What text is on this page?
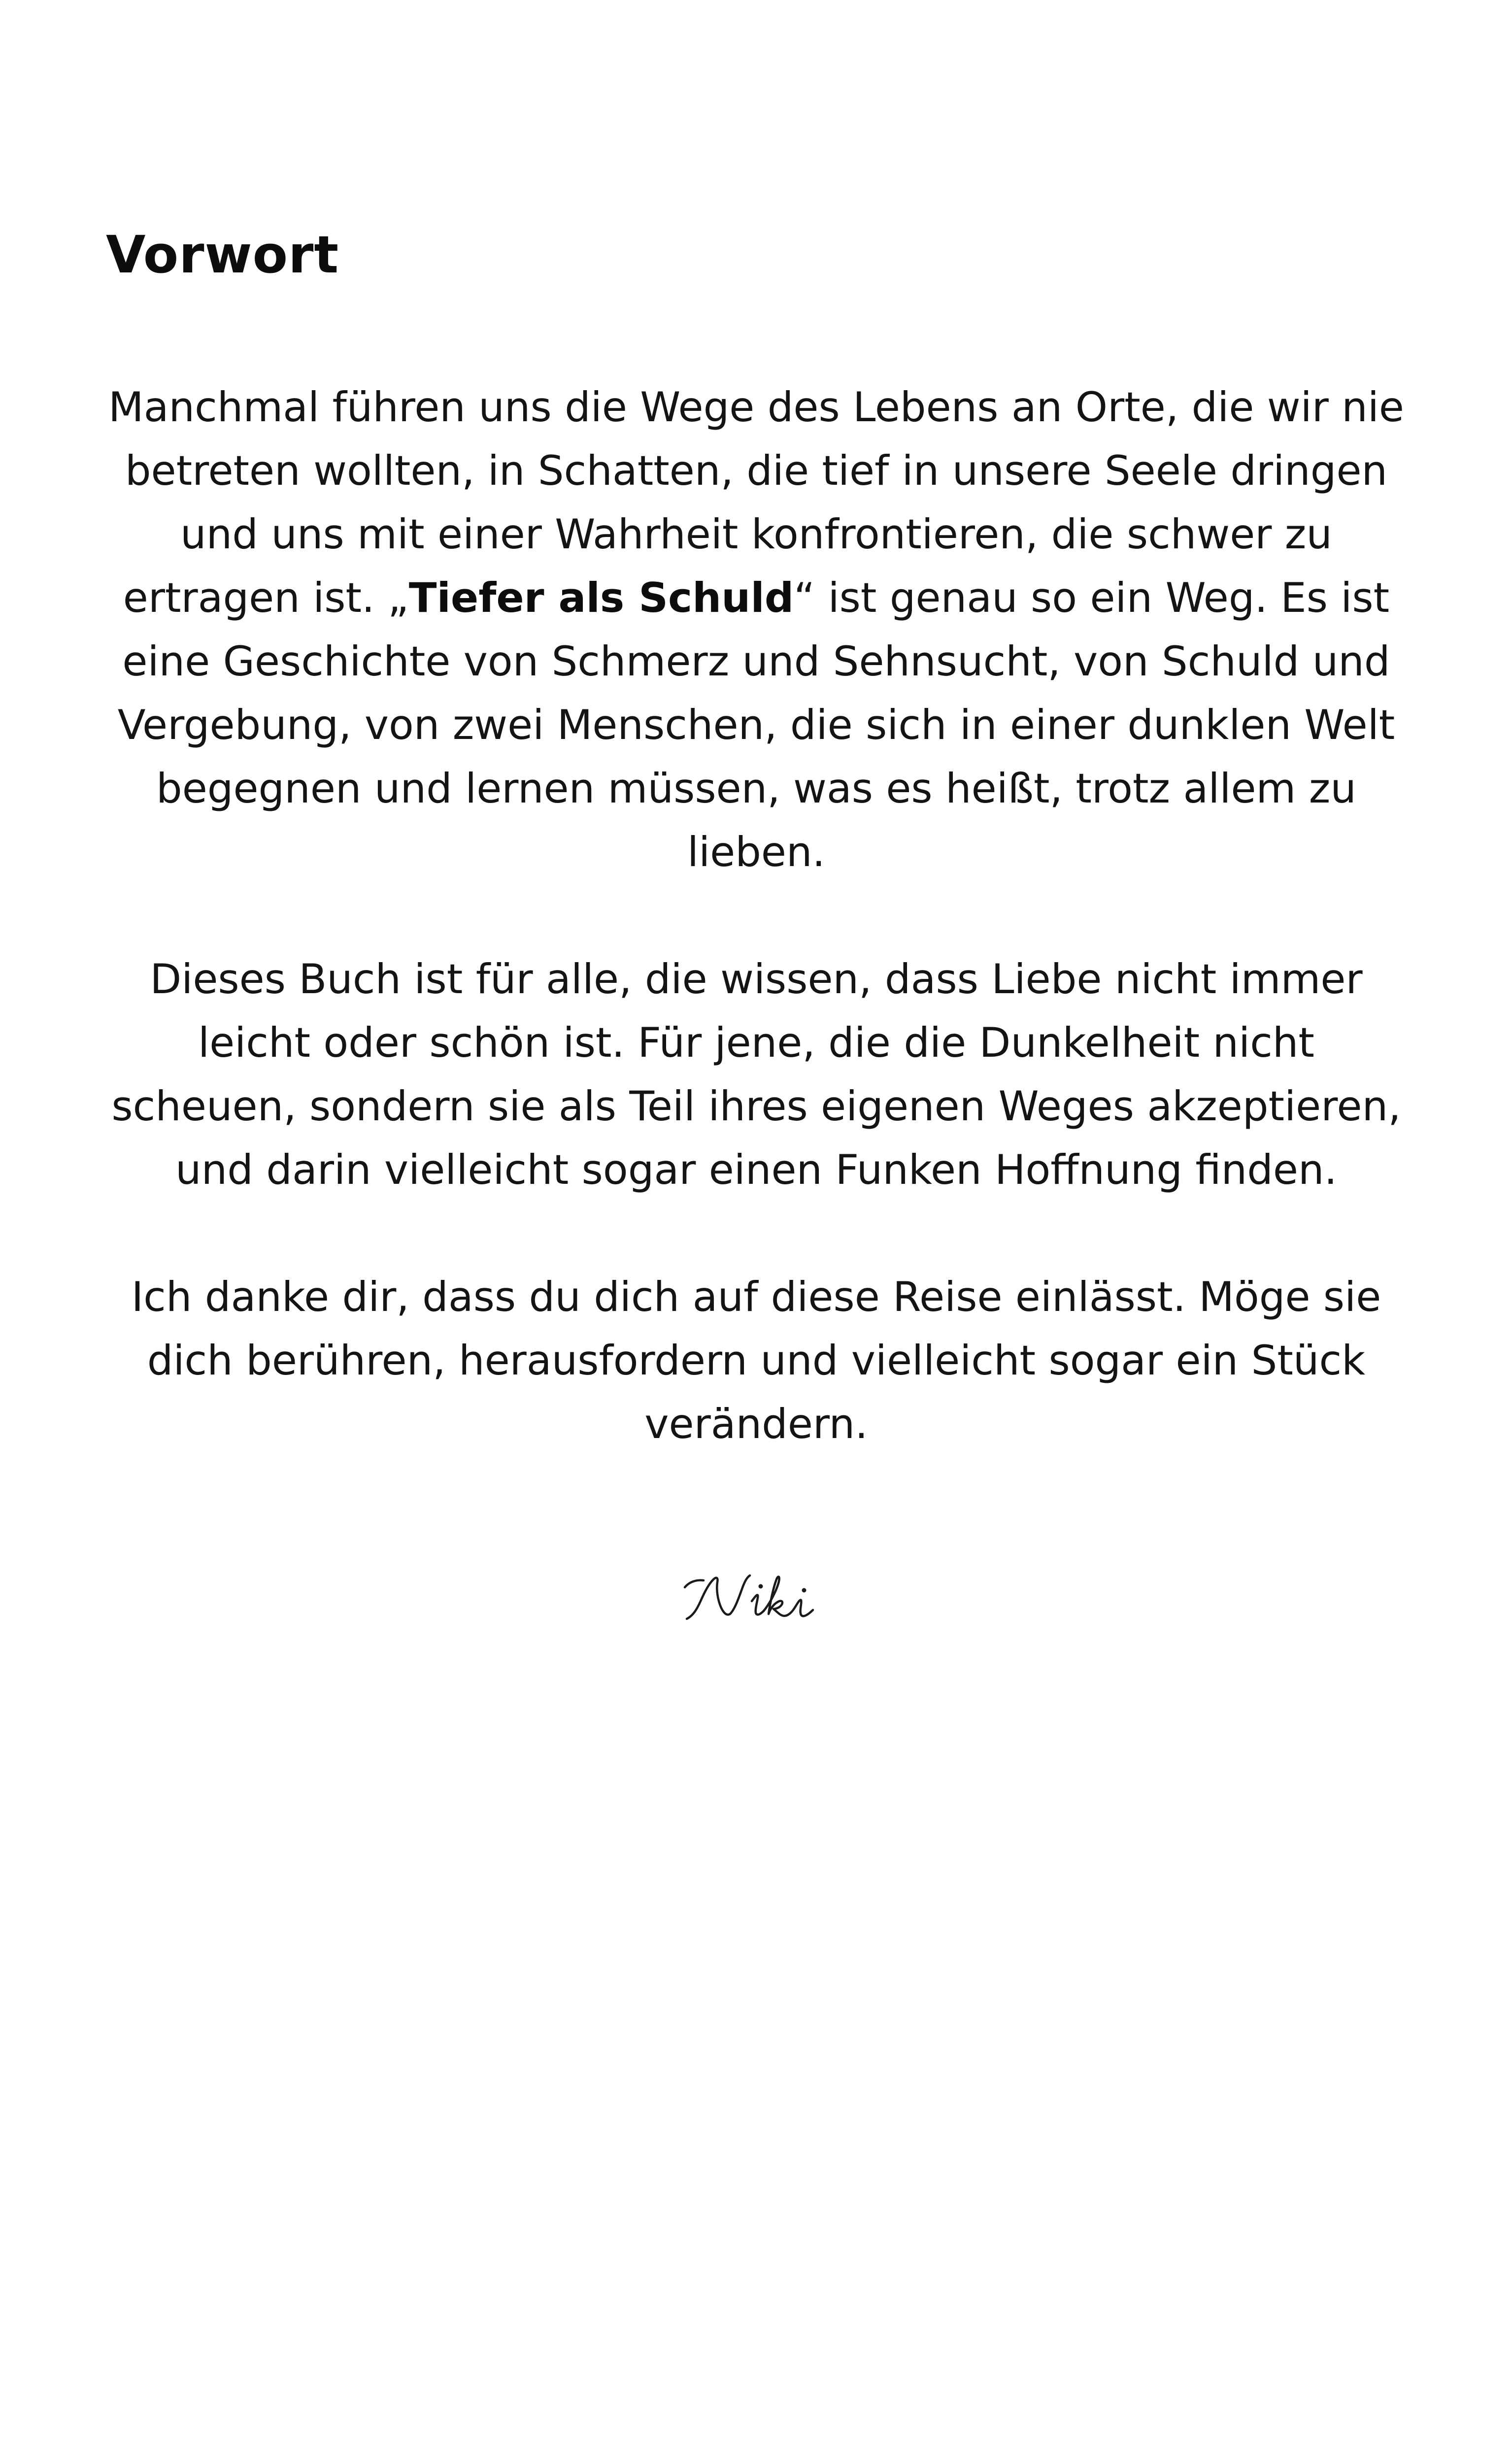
Vorwort

Manchmal führen uns die Wege des Lebens an Orte, die wir nie betreten wollten, in Schatten, die tief in unsere Seele dringen und uns mit einer Wahrheit konfrontieren, die schwer zu ertragen ist. „Tiefer als Schuld“ ist genau so ein Weg. Es ist eine Geschichte von Schmerz und Sehnsucht, von Schuld und Vergebung, von zwei Menschen, die sich in einer dunklen Welt begegnen und lernen müssen, was es heißt, trotz allem zu lieben.

Dieses Buch ist für alle, die wissen, dass Liebe nicht immer leicht oder schön ist. Für jene, die die Dunkelheit nicht scheuen, sondern sie als Teil ihres eigenen Weges akzeptieren, und darin vielleicht sogar einen Funken Hoffnung finden.

Ich danke dir, dass du dich auf diese Reise einlässt. Möge sie dich berühren, herausfordern und vielleicht sogar ein Stück verändern.
